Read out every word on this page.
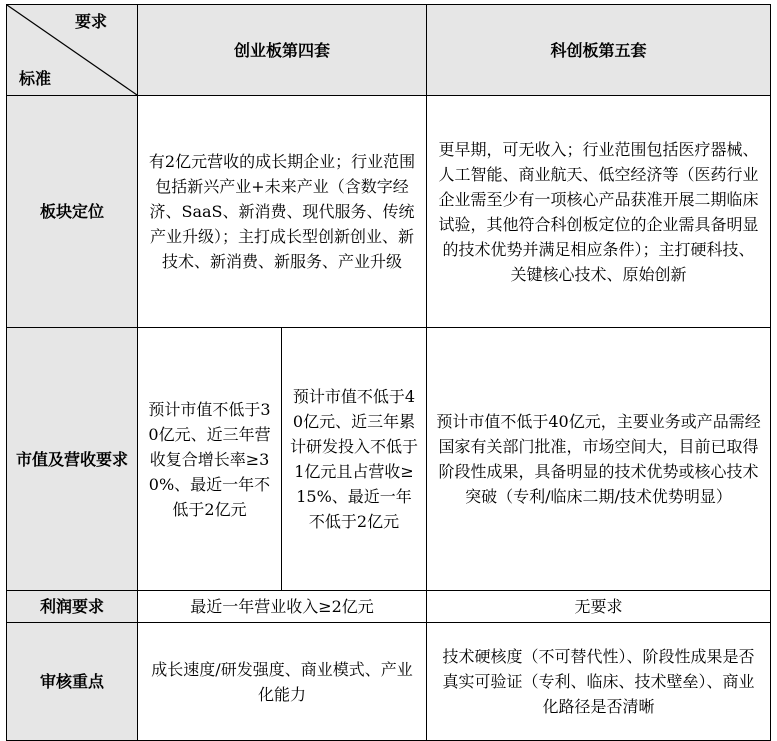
要求
标准	创业板第四套		科创板第五套
板块定位	有2亿元营收的成长期企业；行业范围包括新兴产业+未来产业（含数字经济、SaaS、新消费、现代服务、传统产业升级）；主打成长型创新创业、新技术、新消费、新服务、产业升级		更早期，可无收入；行业范围包括医疗器械、人工智能、商业航天、低空经济等（医药行业企业需至少有一项核心产品获准开展二期临床试验，其他符合科创板定位的企业需具备明显的技术优势并满足相应条件）；主打硬科技、关键核心技术、原始创新
市值及营收要求	预计市值不低于30亿元、近三年营收复合增长率≥30%、最近一年不低于2亿元	预计市值不低于40亿元、近三年累计研发投入不低于1亿元且占营收≥15%、最近一年不低于2亿元	预计市值不低于40亿元，主要业务或产品需经国家有关部门批准，市场空间大，目前已取得阶段性成果，具备明显的技术优势或核心技术突破（专利/临床二期/技术优势明显）
利润要求	最近一年营业收入≥2亿元		无要求
审核重点	成长速度/研发强度、商业模式、产业化能力		技术硬核度（不可替代性）、阶段性成果是否真实可验证（专利、临床、技术壁垒）、商业化路径是否清晰
